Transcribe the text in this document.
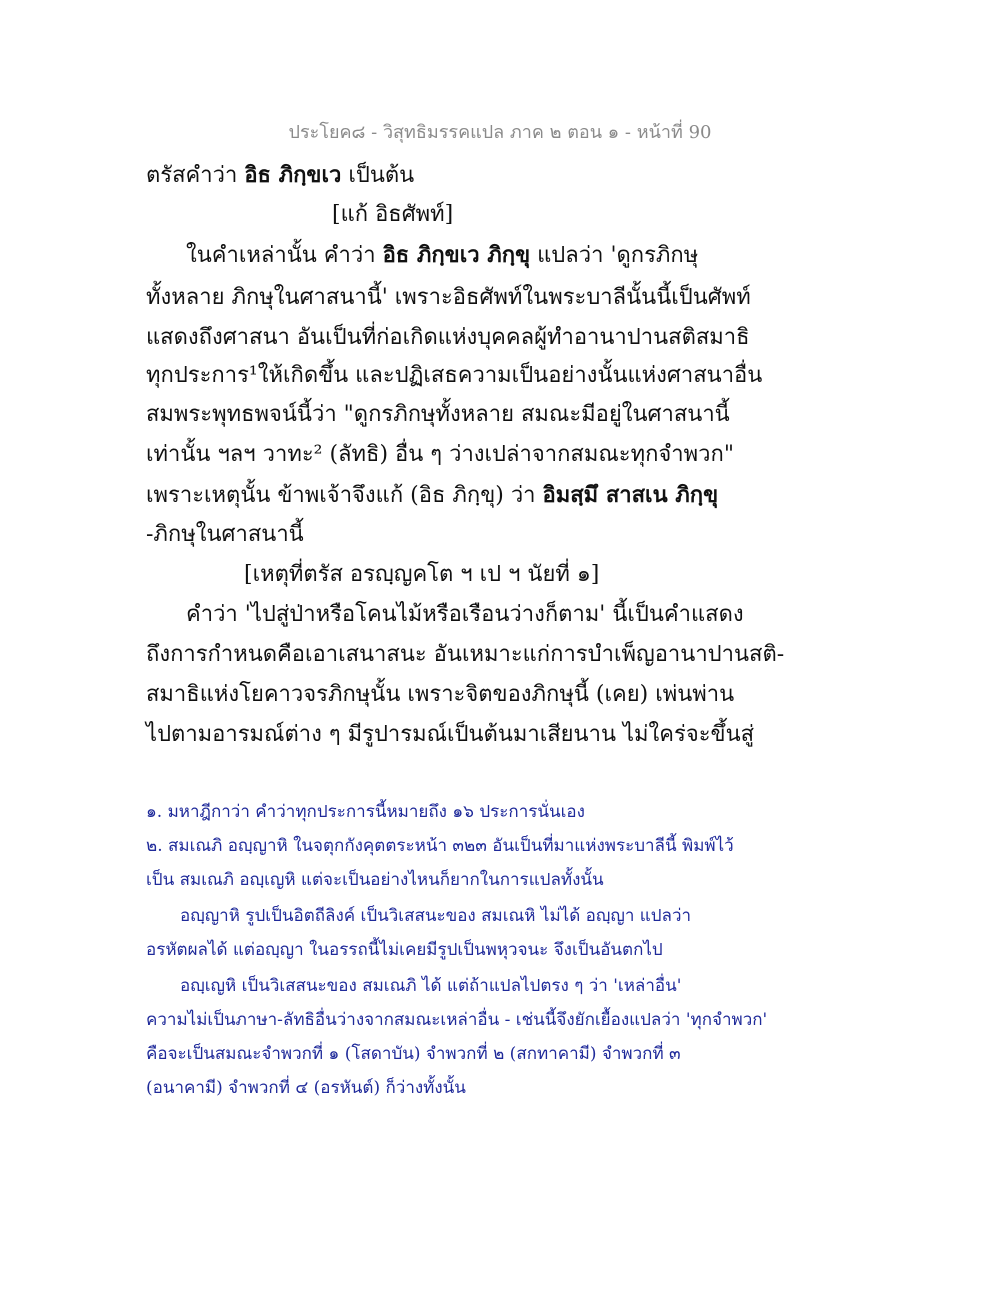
ประโยค๘ - วิสุทธิมรรคแปล ภาค ๒ ตอน ๑ - หน้าที่ 90
ตรัสคำว่า อิธ ภิกฺขเว เป็นต้น
[แก้ อิธศัพท์]
ในคำเหล่านั้น คำว่า อิธ ภิกฺขเว ภิกฺขุ แปลว่า 'ดูกรภิกษุ
ทั้งหลาย ภิกษุในศาสนานี้' เพราะอิธศัพท์ในพระบาลีนั้นนี้เป็นศัพท์
แสดงถึงศาสนา อันเป็นที่ก่อเกิดแห่งบุคคลผู้ทำอานาปานสติสมาธิ
ทุกประการ¹ให้เกิดขึ้น และปฏิเสธความเป็นอย่างนั้นแห่งศาสนาอื่น
สมพระพุทธพจน์นี้ว่า "ดูกรภิกษุทั้งหลาย สมณะมีอยู่ในศาสนานี้
เท่านั้น ฯลฯ วาทะ² (ลัทธิ) อื่น ๆ ว่างเปล่าจากสมณะทุกจำพวก"
เพราะเหตุนั้น ข้าพเจ้าจึงแก้ (อิธ ภิกฺขุ) ว่า อิมสฺมึ สาสเน ภิกฺขุ
-ภิกษุในศาสนานี้
[เหตุที่ตรัส อรญฺญคโต ฯ เป ฯ นัยที่ ๑]
คำว่า 'ไปสู่ป่าหรือโคนไม้หรือเรือนว่างก็ตาม' นี้เป็นคำแสดง
ถึงการกำหนดคือเอาเสนาสนะ อันเหมาะแก่การบำเพ็ญอานาปานสติ-
สมาธิแห่งโยคาวจรภิกษุนั้น เพราะจิตของภิกษุนี้ (เคย) เพ่นพ่าน
ไปตามอารมณ์ต่าง ๆ มีรูปารมณ์เป็นต้นมาเสียนาน ไม่ใคร่จะขึ้นสู่
๑. มหาฎีกาว่า คำว่าทุกประการนี้หมายถึง ๑๖ ประการนั่นเอง
๒. สมเณภิ อญฺญาหิ ในจตุกกังคุตตระหน้า ๓๒๓ อันเป็นที่มาแห่งพระบาลีนี้ พิมพ์ไว้
เป็น สมเณภิ อญฺเญหิ แต่จะเป็นอย่างไหนก็ยากในการแปลทั้งนั้น
อญฺญาหิ รูปเป็นอิตถีลิงค์ เป็นวิเสสนะของ สมเณหิ ไม่ได้ อญฺญา แปลว่า
อรหัตผลได้ แต่อญฺญา ในอรรถนี้ไม่เคยมีรูปเป็นพหุวจนะ จึงเป็นอันตกไป
อญฺเญหิ เป็นวิเสสนะของ สมเณภิ ได้ แต่ถ้าแปลไปตรง ๆ ว่า 'เหล่าอื่น'
ความไม่เป็นภาษา-ลัทธิอื่นว่างจากสมณะเหล่าอื่น - เช่นนี้จึงยักเยื้องแปลว่า 'ทุกจำพวก'
คือจะเป็นสมณะจำพวกที่ ๑ (โสดาบัน) จำพวกที่ ๒ (สกทาคามี) จำพวกที่ ๓
(อนาคามี) จำพวกที่ ๔ (อรหันต์) ก็ว่างทั้งนั้น
